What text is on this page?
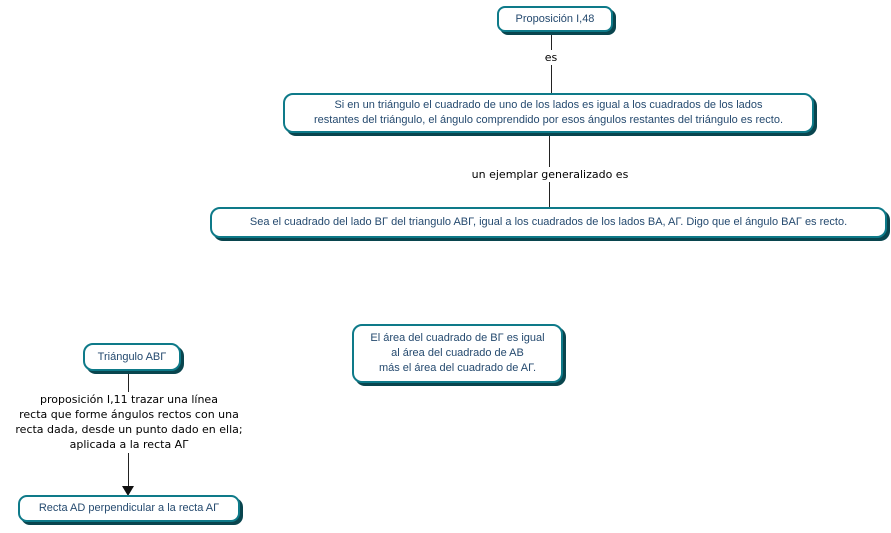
es
un ejemplar generalizado es
proposición I,11 trazar una línea
recta que forme ángulos rectos con una
recta dada, desde un punto dado en ella;
aplicada a la recta AΓ
Proposición I,48
Si en un triángulo el cuadrado de uno de los lados es igual a los cuadrados de los lados
restantes del triángulo, el ángulo comprendido por esos ángulos restantes del triángulo es recto.
Sea el cuadrado del lado BΓ del triangulo ABΓ, igual a los cuadrados de los lados BA, AΓ. Digo que el ángulo BAΓ es recto.
El área del cuadrado de BΓ es igual
al área del cuadrado de AB
más el área del cuadrado de AΓ.
Triángulo ABΓ
Recta AD perpendicular a la recta AΓ
